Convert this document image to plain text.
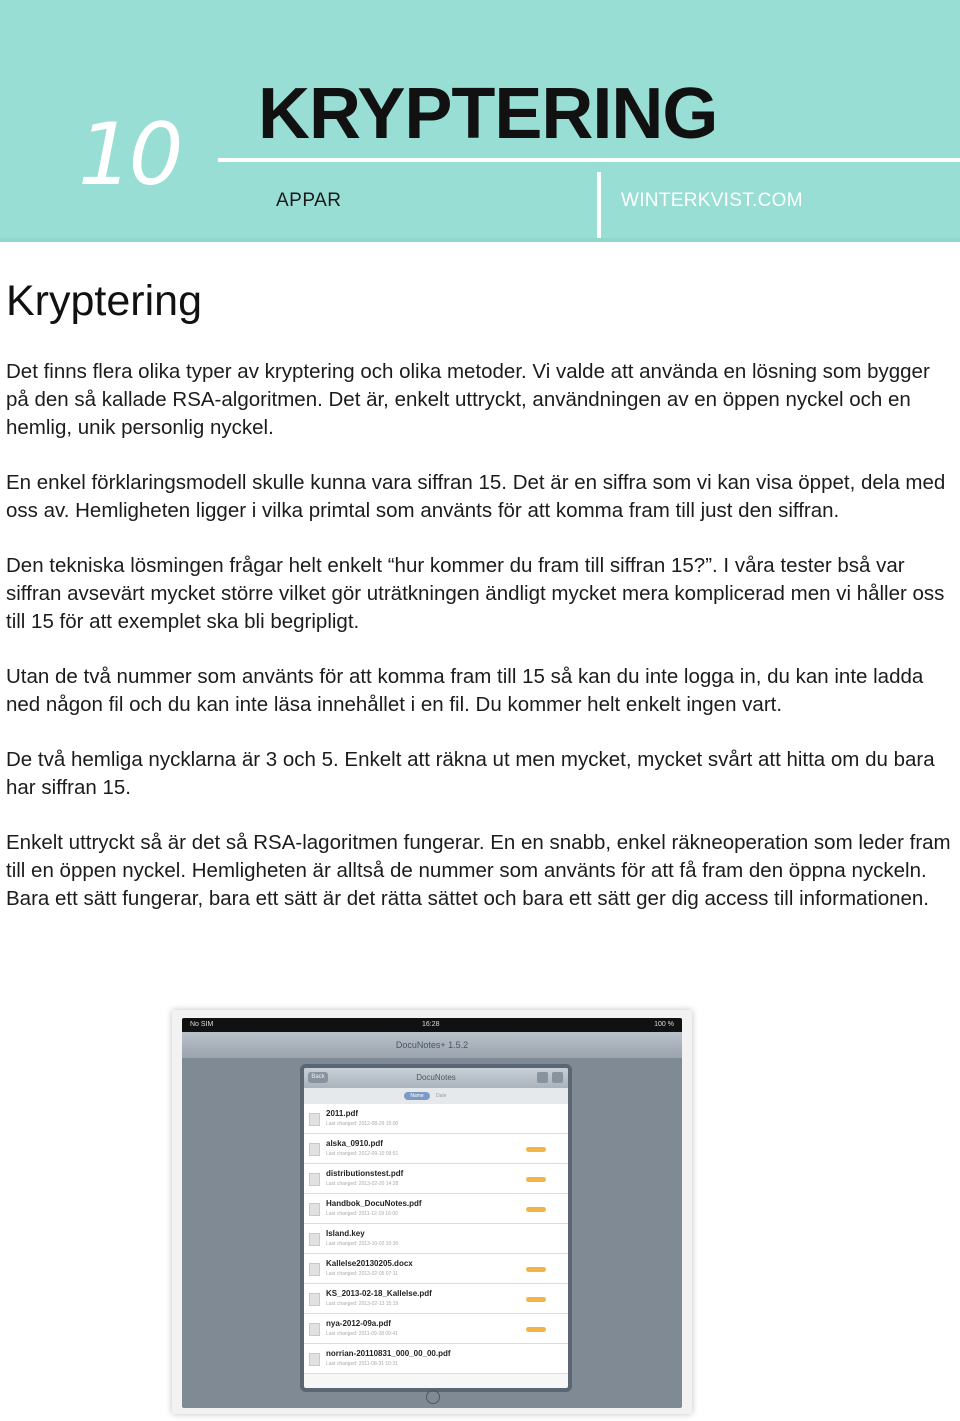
10 KRYPTERING
APPAR	WINTERKVIST.COM
Kryptering

Det finns flera olika typer av kryptering och olika metoder. Vi valde att använda en lösning som bygger på den så kallade RSA-algoritmen. Det är, enkelt uttryckt, användningen av en öppen nyckel och en hemlig, unik personlig nyckel.

En enkel förklaringsmodell skulle kunna vara siffran 15. Det är en siffra som vi kan visa öppet, dela med oss av. Hemligheten ligger i vilka primtal som använts för att komma fram till just den siffran.

Den tekniska lösmingen frågar helt enkelt “hur kommer du fram till siffran 15?”. I våra tester bså var siffran avsevärt mycket större vilket gör uträtkningen ändligt mycket mera komplicerad men vi håller oss till 15 för att exemplet ska bli begripligt.

Utan de två nummer som använts för att komma fram till 15 så kan du inte logga in, du kan inte ladda ned någon fil och du kan inte läsa innehållet i en fil. Du kommer helt enkelt ingen vart.

De två hemliga nycklarna är 3 och 5. Enkelt att räkna ut men mycket, mycket svårt att hitta om du bara har siffran 15.

Enkelt uttryckt så är det så RSA-lagoritmen fungerar. En en snabb, enkel räkneoperation som leder fram till en öppen nyckel. Hemligheten är alltså de nummer som använts för att få fram den öppna nyckeln. Bara ett sätt fungerar, bara ett sätt är det rätta sättet och bara ett sätt ger dig access till informationen.

No SIM	16:28	100 %
DocuNotes+ 1.5.2
Back	DocuNotes
Name	Date
2011.pdf
Last changed: 2012-08-29 15:00
alska_0910.pdf
Last changed: 2012-09-10 09:51
distributionstest.pdf
Last changed: 2013-02-20 14:28
Handbok_DocuNotes.pdf
Last changed: 2011-12-19 16:00
Island.key
Last changed: 2013-10-02 10:30
Kallelse20130205.docx
Last changed: 2013-02-05 07:11
KS_2013-02-18_Kallelse.pdf
Last changed: 2013-02-13 15:19
nya-2012-09a.pdf
Last changed: 2011-09-28 09:41
norrian-20110831_000_00_00.pdf
Last changed: 2011-08-31 10:31
